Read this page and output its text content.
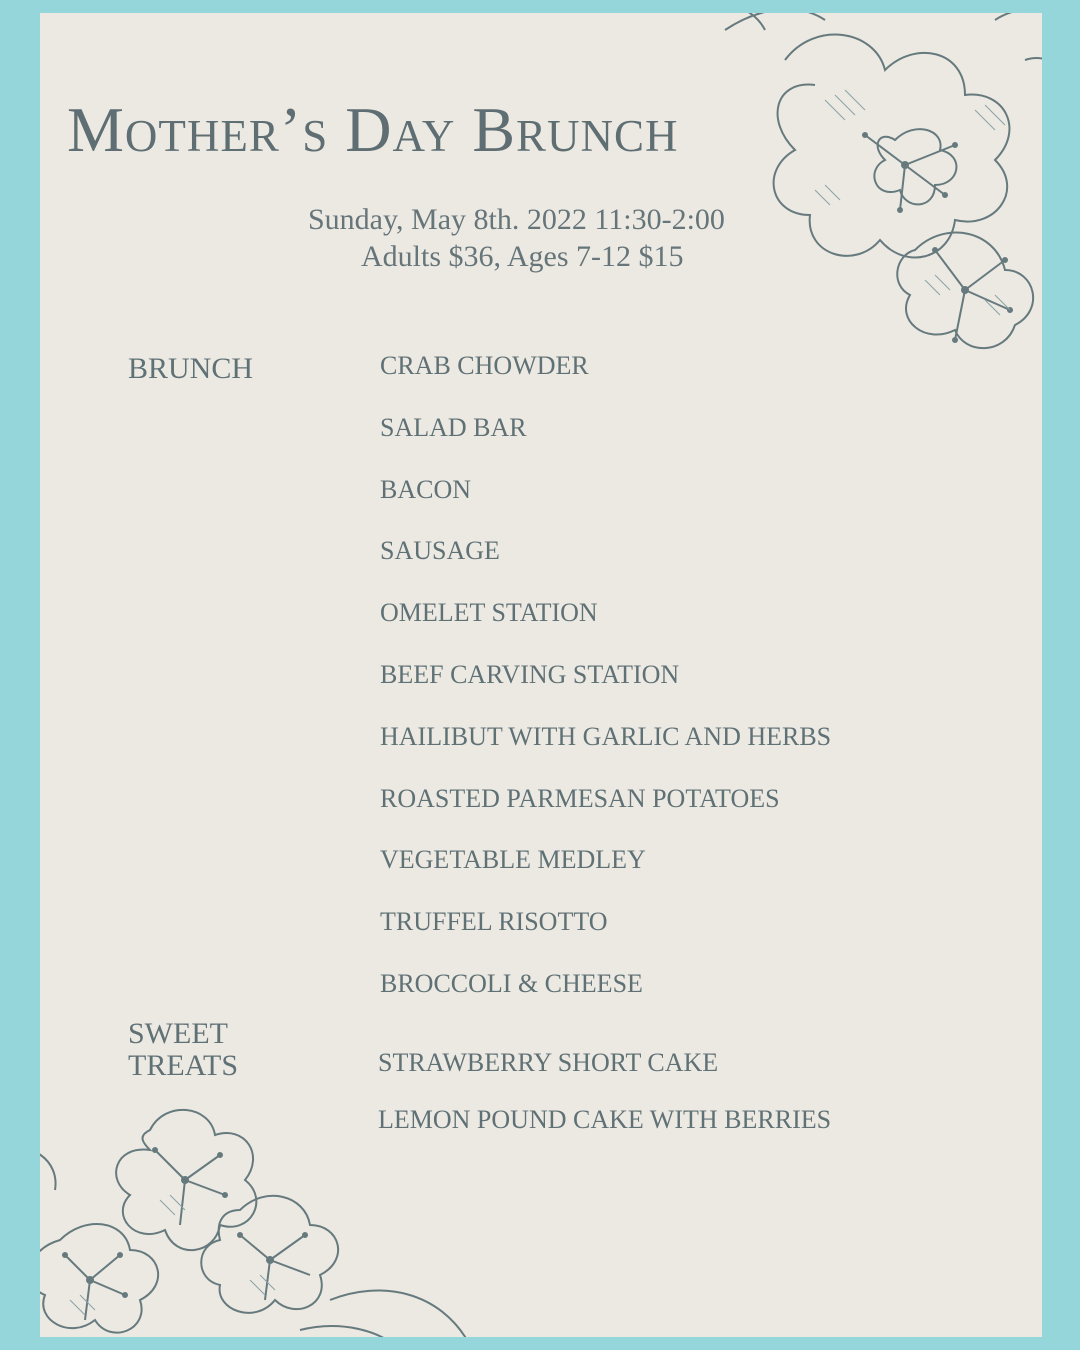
Mother’s Day Brunch
Sunday, May 8th. 2022 11:30-2:00
Adults $36, Ages 7-12 $15
BRUNCH	CRAB CHOWDER
SALAD BAR
BACON
SAUSAGE
OMELET STATION
BEEF CARVING STATION
HAILIBUT WITH GARLIC AND HERBS
ROASTED PARMESAN POTATOES
VEGETABLE MEDLEY
TRUFFEL RISOTTO
BROCCOLI & CHEESE
SWEET
TREATS	STRAWBERRY SHORT CAKE
LEMON POUND CAKE WITH BERRIES
